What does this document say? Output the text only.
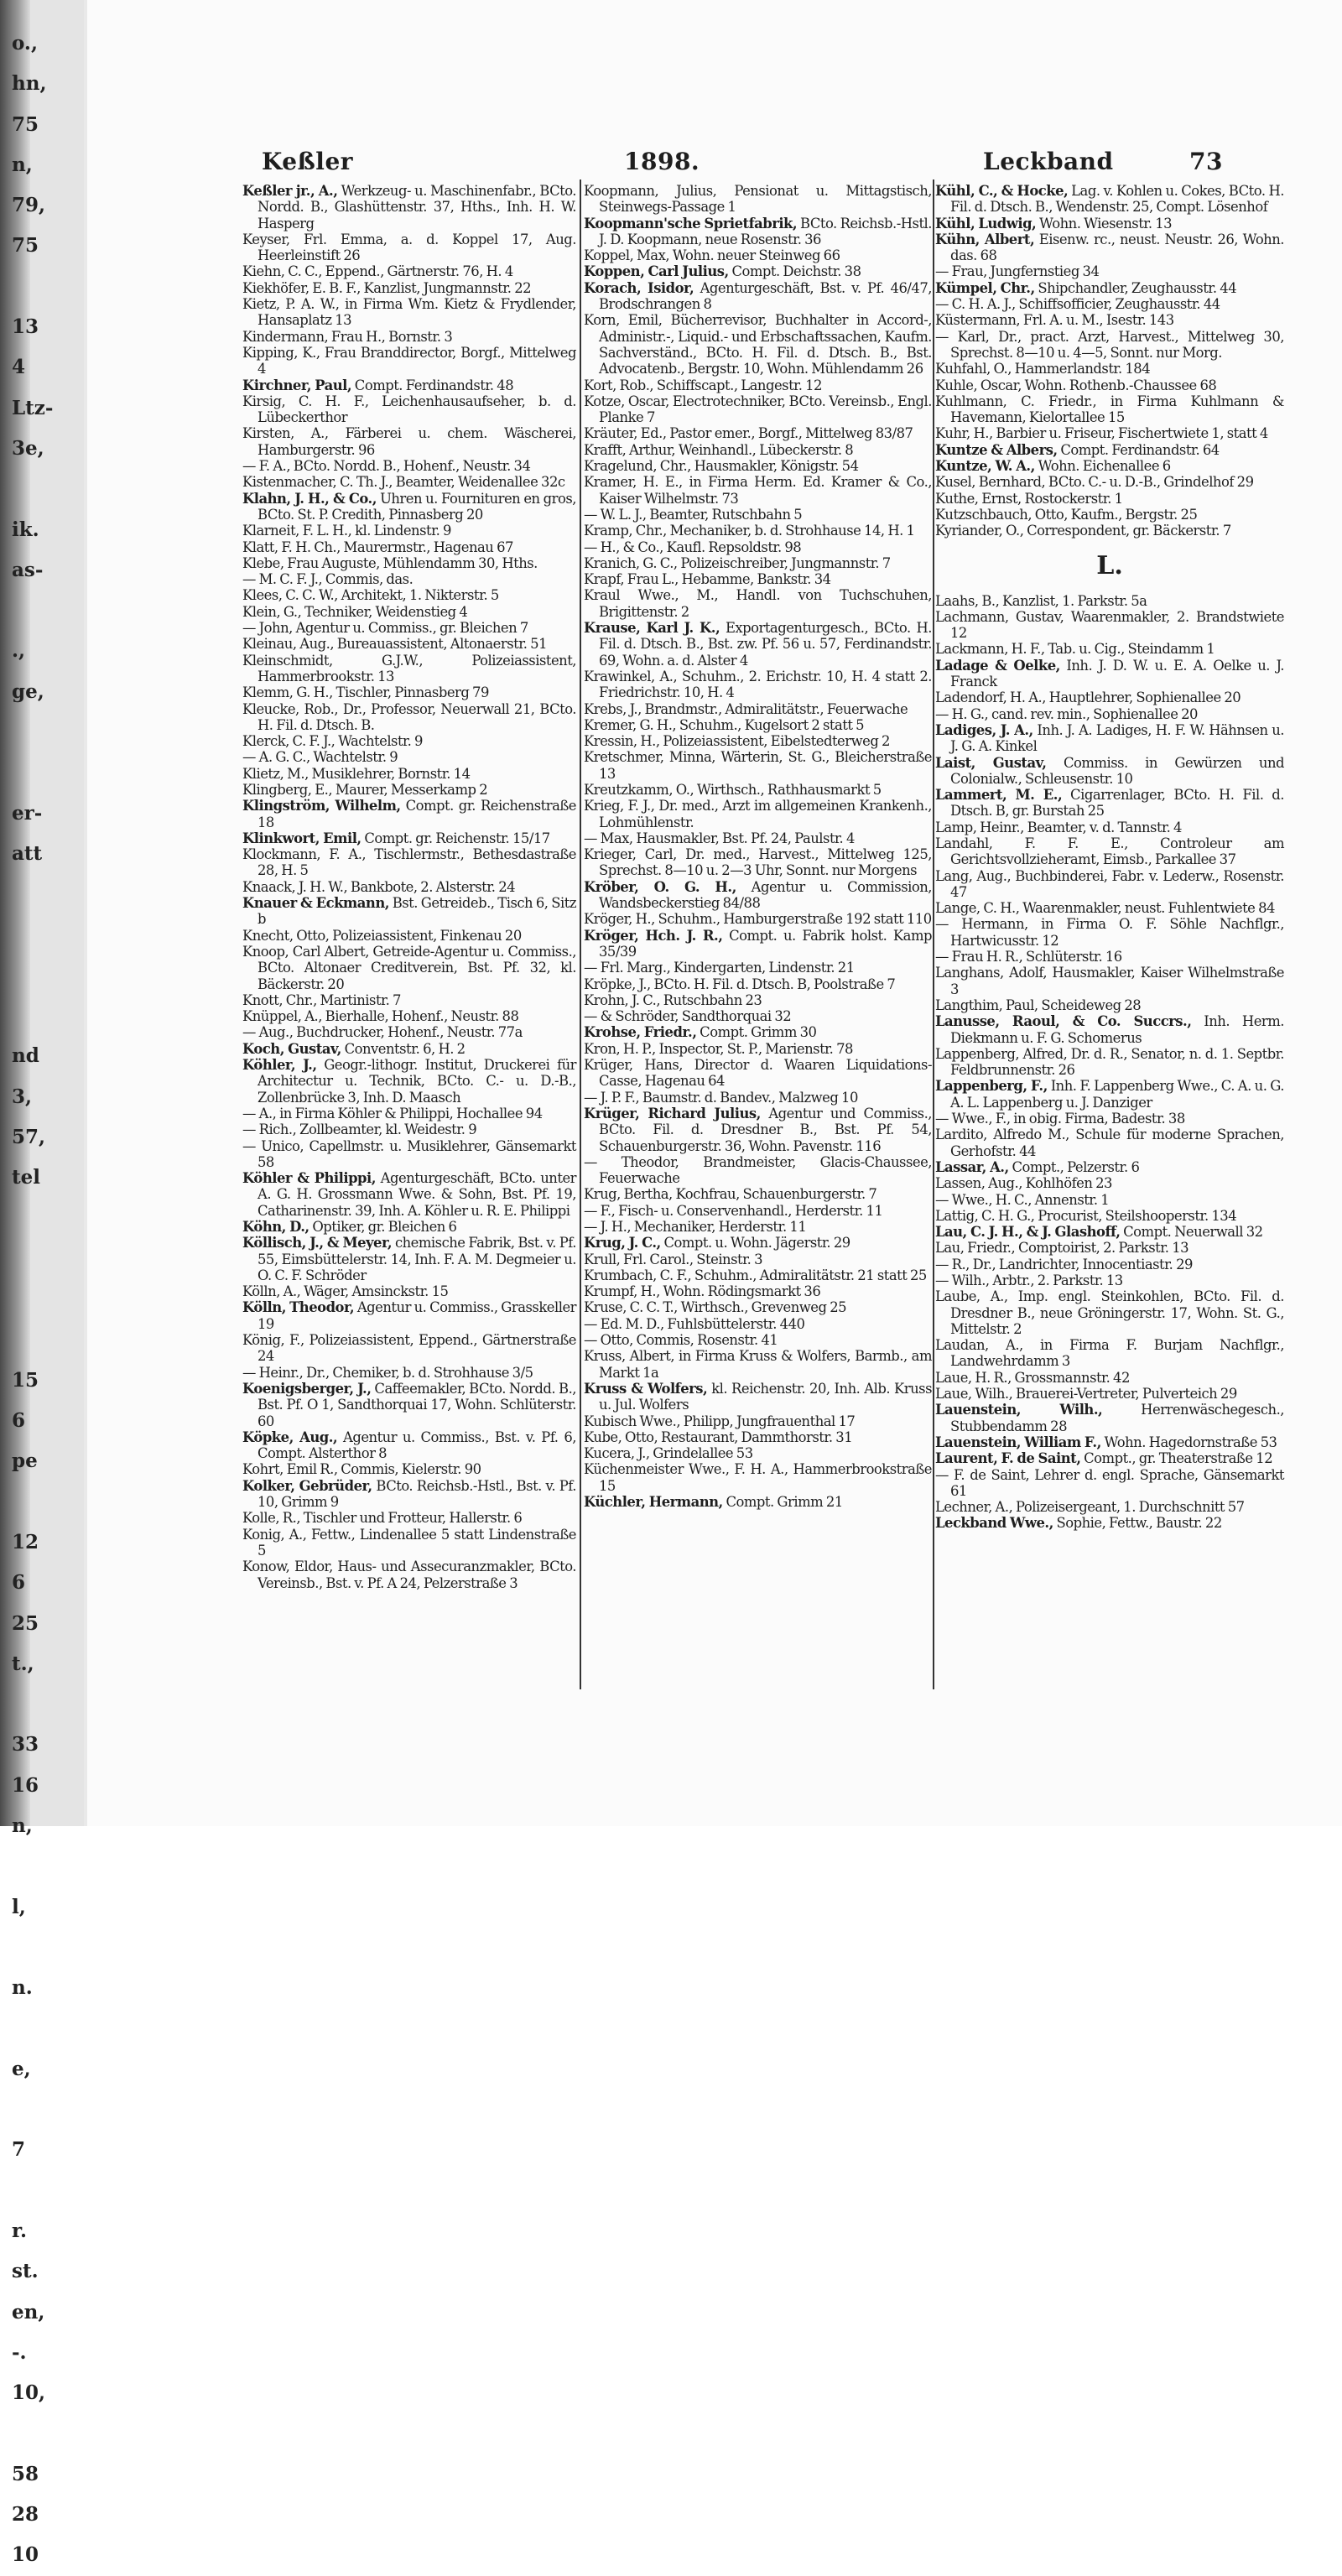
o.,
hn,
75
n,
79,
75

13
4
Ltz-
3e,

ik.
as-

.,
ge,

er-
att

nd
3,
57,
tel

15
6
pe

12
6
25
t.,

33
16
n,

l,

n.

e,

7

r.
st.
en,
-.
10,

58
28
10
Keßler	1898.	Leckband	73

Keßler jr., A., Werkzeug- u. Maschinenfabr., BCto. Nordd. B., Glashüttenstr. 37, Hths., Inh. H. W. Hasperg

Keyser, Frl. Emma, a. d. Koppel 17, Aug. Heerleinstift 26

Kiehn, C. C., Eppend., Gärtnerstr. 76, H. 4

Kiekhöfer, E. B. F., Kanzlist, Jungmannstr. 22

Kietz, P. A. W., in Firma Wm. Kietz & Frydlender, Hansaplatz 13

Kindermann, Frau H., Bornstr. 3

Kipping, K., Frau Branddirector, Borgf., Mittelweg 4

Kirchner, Paul, Compt. Ferdinandstr. 48

Kirsig, C. H. F., Leichenhausaufseher, b. d. Lübeckerthor

Kirsten, A., Färberei u. chem. Wäscherei, Hamburgerstr. 96

— F. A., BCto. Nordd. B., Hohenf., Neustr. 34

Kistenmacher, C. Th. J., Beamter, Weidenallee 32c

Klahn, J. H., & Co., Uhren u. Fournituren en gros, BCto. St. P. Credith, Pinnasberg 20

Klarneit, F. L. H., kl. Lindenstr. 9

Klatt, F. H. Ch., Maurermstr., Hagenau 67

Klebe, Frau Auguste, Mühlendamm 30, Hths.

— M. C. F. J., Commis, das.

Klees, C. C. W., Architekt, 1. Nikterstr. 5

Klein, G., Techniker, Weidenstieg 4

— John, Agentur u. Commiss., gr. Bleichen 7

Kleinau, Aug., Bureauassistent, Altonaerstr. 51

Kleinschmidt, G.J.W., Polizeiassistent, Hammerbrookstr. 13

Klemm, G. H., Tischler, Pinnasberg 79

Kleucke, Rob., Dr., Professor, Neuerwall 21, BCto. H. Fil. d. Dtsch. B.

Klerck, C. F. J., Wachtelstr. 9

— A. G. C., Wachtelstr. 9

Klietz, M., Musiklehrer, Bornstr. 14

Klingberg, E., Maurer, Messerkamp 2

Klingström, Wilhelm, Compt. gr. Reichenstraße 18

Klinkwort, Emil, Compt. gr. Reichenstr. 15/17

Klockmann, F. A., Tischlermstr., Bethesdastraße 28, H. 5

Knaack, J. H. W., Bankbote, 2. Alsterstr. 24

Knauer & Eckmann, Bst. Getreideb., Tisch 6, Sitz b

Knecht, Otto, Polizeiassistent, Finkenau 20

Knoop, Carl Albert, Getreide-Agentur u. Commiss., BCto. Altonaer Creditverein, Bst. Pf. 32, kl. Bäckerstr. 20

Knott, Chr., Martinistr. 7

Knüppel, A., Bierhalle, Hohenf., Neustr. 88

— Aug., Buchdrucker, Hohenf., Neustr. 77a

Koch, Gustav, Conventstr. 6, H. 2

Köhler, J., Geogr.-lithogr. Institut, Druckerei für Architectur u. Technik, BCto. C.- u. D.-B., Zollenbrücke 3, Inh. D. Maasch

— A., in Firma Köhler & Philippi, Hochallee 94

— Rich., Zollbeamter, kl. Weidestr. 9

— Unico, Capellmstr. u. Musiklehrer, Gänsemarkt 58

Köhler & Philippi, Agenturgeschäft, BCto. unter A. G. H. Grossmann Wwe. & Sohn, Bst. Pf. 19, Catharinenstr. 39, Inh. A. Köhler u. R. E. Philippi

Köhn, D., Optiker, gr. Bleichen 6

Köllisch, J., & Meyer, chemische Fabrik, Bst. v. Pf. 55, Eimsbüttelerstr. 14, Inh. F. A. M. Degmeier u. O. C. F. Schröder

Kölln, A., Wäger, Amsinckstr. 15

Kölln, Theodor, Agentur u. Commiss., Grasskeller 19

König, F., Polizeiassistent, Eppend., Gärtnerstraße 24

— Heinr., Dr., Chemiker, b. d. Strohhause 3/5

Koenigsberger, J., Caffeemakler, BCto. Nordd. B., Bst. Pf. O 1, Sandthorquai 17, Wohn. Schlüterstr. 60

Köpke, Aug., Agentur u. Commiss., Bst. v. Pf. 6, Compt. Alsterthor 8

Kohrt, Emil R., Commis, Kielerstr. 90

Kolker, Gebrüder, BCto. Reichsb.-Hstl., Bst. v. Pf. 10, Grimm 9

Kolle, R., Tischler und Frotteur, Hallerstr. 6

Konig, A., Fettw., Lindenallee 5 statt Lindenstraße 5

Konow, Eldor, Haus- und Assecuranzmakler, BCto. Vereinsb., Bst. v. Pf. A 24, Pelzerstraße 3

Koopmann, Julius, Pensionat u. Mittagstisch, Steinwegs-Passage 1

Koopmann'sche Sprietfabrik, BCto. Reichsb.-Hstl. J. D. Koopmann, neue Rosenstr. 36

Koppel, Max, Wohn. neuer Steinweg 66

Koppen, Carl Julius, Compt. Deichstr. 38

Korach, Isidor, Agenturgeschäft, Bst. v. Pf. 46/47, Brodschrangen 8

Korn, Emil, Bücherrevisor, Buchhalter in Accord-, Administr.-, Liquid.- und Erbschaftssachen, Kaufm. Sachverständ., BCto. H. Fil. d. Dtsch. B., Bst. Advocatenb., Bergstr. 10, Wohn. Mühlendamm 26

Kort, Rob., Schiffscapt., Langestr. 12

Kotze, Oscar, Electrotechniker, BCto. Vereinsb., Engl. Planke 7

Kräuter, Ed., Pastor emer., Borgf., Mittelweg 83/87

Krafft, Arthur, Weinhandl., Lübeckerstr. 8

Kragelund, Chr., Hausmakler, Königstr. 54

Kramer, H. E., in Firma Herm. Ed. Kramer & Co., Kaiser Wilhelmstr. 73

— W. L. J., Beamter, Rutschbahn 5

Kramp, Chr., Mechaniker, b. d. Strohhause 14, H. 1

— H., & Co., Kaufl. Repsoldstr. 98

Kranich, G. C., Polizeischreiber, Jungmannstr. 7

Krapf, Frau L., Hebamme, Bankstr. 34

Kraul Wwe., M., Handl. von Tuchschuhen, Brigittenstr. 2

Krause, Karl J. K., Exportagenturgesch., BCto. H. Fil. d. Dtsch. B., Bst. zw. Pf. 56 u. 57, Ferdinandstr. 69, Wohn. a. d. Alster 4

Krawinkel, A., Schuhm., 2. Erichstr. 10, H. 4 statt 2. Friedrichstr. 10, H. 4

Krebs, J., Brandmstr., Admiralitätstr., Feuerwache

Kremer, G. H., Schuhm., Kugelsort 2 statt 5

Kressin, H., Polizeiassistent, Eibelstedterweg 2

Kretschmer, Minna, Wärterin, St. G., Bleicherstraße 13

Kreutzkamm, O., Wirthsch., Rathhausmarkt 5

Krieg, F. J., Dr. med., Arzt im allgemeinen Krankenh., Lohmühlenstr.

— Max, Hausmakler, Bst. Pf. 24, Paulstr. 4

Krieger, Carl, Dr. med., Harvest., Mittelweg 125, Sprechst. 8—10 u. 2—3 Uhr, Sonnt. nur Morgens

Kröber, O. G. H., Agentur u. Commission, Wandsbeckerstieg 84/88

Kröger, H., Schuhm., Hamburgerstraße 192 statt 110

Kröger, Hch. J. R., Compt. u. Fabrik holst. Kamp 35/39

— Frl. Marg., Kindergarten, Lindenstr. 21

Kröpke, J., BCto. H. Fil. d. Dtsch. B, Poolstraße 7

Krohn, J. C., Rutschbahn 23

— & Schröder, Sandthorquai 32

Krohse, Friedr., Compt. Grimm 30

Kron, H. P., Inspector, St. P., Marienstr. 78

Krüger, Hans, Director d. Waaren Liquidations-Casse, Hagenau 64

— J. P. F., Baumstr. d. Bandev., Malzweg 10

Krüger, Richard Julius, Agentur und Commiss., BCto. Fil. d. Dresdner B., Bst. Pf. 54, Schauenburgerstr. 36, Wohn. Pavenstr. 116

— Theodor, Brandmeister, Glacis-Chaussee, Feuerwache

Krug, Bertha, Kochfrau, Schauenburgerstr. 7

— F., Fisch- u. Conservenhandl., Herderstr. 11

— J. H., Mechaniker, Herderstr. 11

Krug, J. C., Compt. u. Wohn. Jägerstr. 29

Krull, Frl. Carol., Steinstr. 3

Krumbach, C. F., Schuhm., Admiralitätstr. 21 statt 25

Krumpf, H., Wohn. Rödingsmarkt 36

Kruse, C. C. T., Wirthsch., Grevenweg 25

— Ed. M. D., Fuhlsbüttelerstr. 440

— Otto, Commis, Rosenstr. 41

Kruss, Albert, in Firma Kruss & Wolfers, Barmb., am Markt 1a

Kruss & Wolfers, kl. Reichenstr. 20, Inh. Alb. Kruss u. Jul. Wolfers

Kubisch Wwe., Philipp, Jungfrauenthal 17

Kube, Otto, Restaurant, Dammthorstr. 31

Kucera, J., Grindelallee 53

Küchenmeister Wwe., F. H. A., Hammerbrookstraße 15

Küchler, Hermann, Compt. Grimm 21

Kühl, C., & Hocke, Lag. v. Kohlen u. Cokes, BCto. H. Fil. d. Dtsch. B., Wendenstr. 25, Compt. Lösenhof

Kühl, Ludwig, Wohn. Wiesenstr. 13

Kühn, Albert, Eisenw. rc., neust. Neustr. 26, Wohn. das. 68

— Frau, Jungfernstieg 34

Kümpel, Chr., Shipchandler, Zeughausstr. 44

— C. H. A. J., Schiffsofficier, Zeughausstr. 44

Küstermann, Frl. A. u. M., Isestr. 143

— Karl, Dr., pract. Arzt, Harvest., Mittelweg 30, Sprechst. 8—10 u. 4—5, Sonnt. nur Morg.

Kuhfahl, O., Hammerlandstr. 184

Kuhle, Oscar, Wohn. Rothenb.-Chaussee 68

Kuhlmann, C. Friedr., in Firma Kuhlmann & Havemann, Kielortallee 15

Kuhr, H., Barbier u. Friseur, Fischertwiete 1, statt 4

Kuntze & Albers, Compt. Ferdinandstr. 64

Kuntze, W. A., Wohn. Eichenallee 6

Kusel, Bernhard, BCto. C.- u. D.-B., Grindelhof 29

Kuthe, Ernst, Rostockerstr. 1

Kutzschbauch, Otto, Kaufm., Bergstr. 25

Kyriander, O., Correspondent, gr. Bäckerstr. 7

L.

Laahs, B., Kanzlist, 1. Parkstr. 5a

Lachmann, Gustav, Waarenmakler, 2. Brandstwiete 12

Lackmann, H. F., Tab. u. Cig., Steindamm 1

Ladage & Oelke, Inh. J. D. W. u. E. A. Oelke u. J. Franck

Ladendorf, H. A., Hauptlehrer, Sophienallee 20

— H. G., cand. rev. min., Sophienallee 20

Ladiges, J. A., Inh. J. A. Ladiges, H. F. W. Hähnsen u. J. G. A. Kinkel

Laist, Gustav, Commiss. in Gewürzen und Colonialw., Schleusenstr. 10

Lammert, M. E., Cigarrenlager, BCto. H. Fil. d. Dtsch. B, gr. Burstah 25

Lamp, Heinr., Beamter, v. d. Tannstr. 4

Landahl, F. F. E., Controleur am Gerichtsvollzieheramt, Eimsb., Parkallee 37

Lang, Aug., Buchbinderei, Fabr. v. Lederw., Rosenstr. 47

Lange, C. H., Waarenmakler, neust. Fuhlentwiete 84

— Hermann, in Firma O. F. Söhle Nachflgr., Hartwicusstr. 12

— Frau H. R., Schlüterstr. 16

Langhans, Adolf, Hausmakler, Kaiser Wilhelmstraße 3

Langthim, Paul, Scheideweg 28

Lanusse, Raoul, & Co. Succrs., Inh. Herm. Diekmann u. F. G. Schomerus

Lappenberg, Alfred, Dr. d. R., Senator, n. d. 1. Septbr. Feldbrunnenstr. 26

Lappenberg, F., Inh. F. Lappenberg Wwe., C. A. u. G. A. L. Lappenberg u. J. Danziger

— Wwe., F., in obig. Firma, Badestr. 38

Lardito, Alfredo M., Schule für moderne Sprachen, Gerhofstr. 44

Lassar, A., Compt., Pelzerstr. 6

Lassen, Aug., Kohlhöfen 23

— Wwe., H. C., Annenstr. 1

Lattig, C. H. G., Procurist, Steilshooperstr. 134

Lau, C. J. H., & J. Glashoff, Compt. Neuerwall 32

Lau, Friedr., Comptoirist, 2. Parkstr. 13

— R., Dr., Landrichter, Innocentiastr. 29

— Wilh., Arbtr., 2. Parkstr. 13

Laube, A., Imp. engl. Steinkohlen, BCto. Fil. d. Dresdner B., neue Gröningerstr. 17, Wohn. St. G., Mittelstr. 2

Laudan, A., in Firma F. Burjam Nachflgr., Landwehrdamm 3

Laue, H. R., Grossmannstr. 42

Laue, Wilh., Brauerei-Vertreter, Pulverteich 29

Lauenstein, Wilh.,	Herrenwäschegesch., Stubbendamm 28

Lauenstein, William F., Wohn. Hagedornstraße 53

Laurent, F. de Saint, Compt., gr. Theaterstraße 12

— F. de Saint, Lehrer d. engl. Sprache, Gänsemarkt 61

Lechner, A., Polizeisergeant, 1. Durchschnitt 57

Leckband Wwe., Sophie, Fettw., Baustr. 22
